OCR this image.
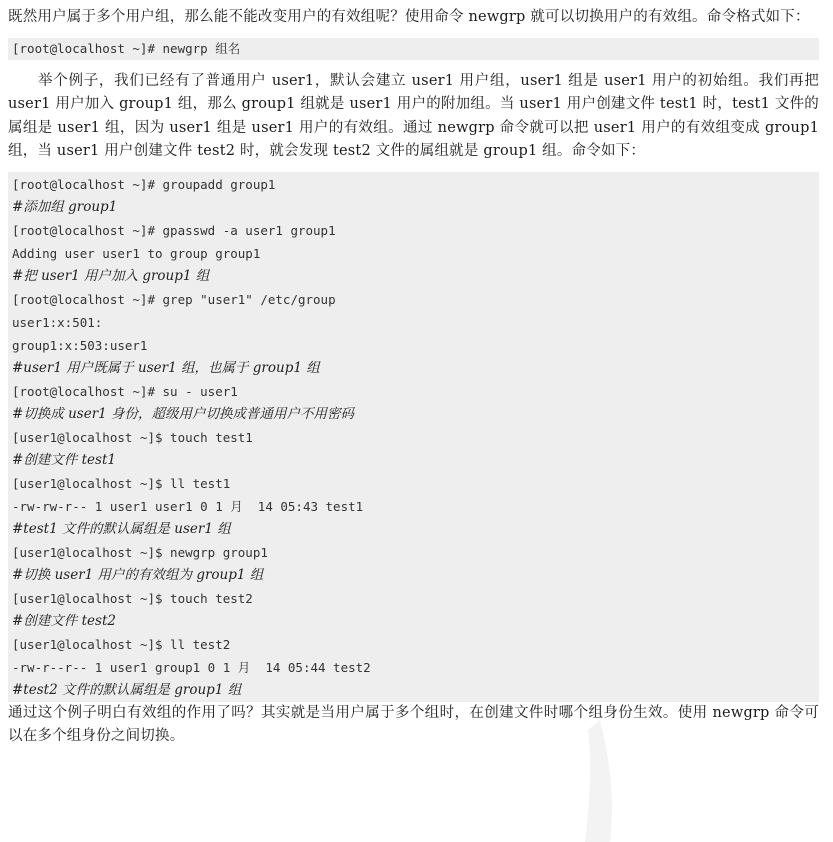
既然用户属于多个用户组，那么能不能改变用户的有效组呢？使用命令 newgrp 就可以切换用户的有效组。命令格式如下：

[root@localhost ~]# newgrp 组名

举个例子，我们已经有了普通用户 user1，默认会建立 user1 用户组，user1 组是 user1 用户的初始组。我们再把 user1 用户加入 group1 组，那么 group1 组就是 user1 用户的附加组。当 user1 用户创建文件 test1 时，test1 文件的属组是 user1 组，因为 user1 组是 user1 用户的有效组。通过 newgrp 命令就可以把 user1 用户的有效组变成 group1 组，当 user1 用户创建文件 test2 时，就会发现 test2 文件的属组就是 group1 组。命令如下：

[root@localhost ~]# groupadd group1
#添加组 group1
[root@localhost ~]# gpasswd -a user1 group1
Adding user user1 to group group1
#把 user1 用户加入 group1 组
[root@localhost ~]# grep "user1" /etc/group
user1:x:501:
group1:x:503:user1
#user1 用户既属于 user1 组，也属于 group1 组
[root@localhost ~]# su - user1
#切换成 user1 身份，超级用户切换成普通用户不用密码
[user1@localhost ~]$ touch test1
#创建文件 test1
[user1@localhost ~]$ ll test1
-rw-rw-r-- 1 user1 user1 0 1 月  14 05:43 test1
#test1 文件的默认属组是 user1 组
[user1@localhost ~]$ newgrp group1
#切换 user1 用户的有效组为 group1 组
[user1@localhost ~]$ touch test2
#创建文件 test2
[user1@localhost ~]$ ll test2
-rw-r--r-- 1 user1 group1 0 1 月  14 05:44 test2
#test2 文件的默认属组是 group1 组

通过这个例子明白有效组的作用了吗？其实就是当用户属于多个组时，在创建文件时哪个组身份生效。使用 newgrp 命令可以在多个组身份之间切换。
